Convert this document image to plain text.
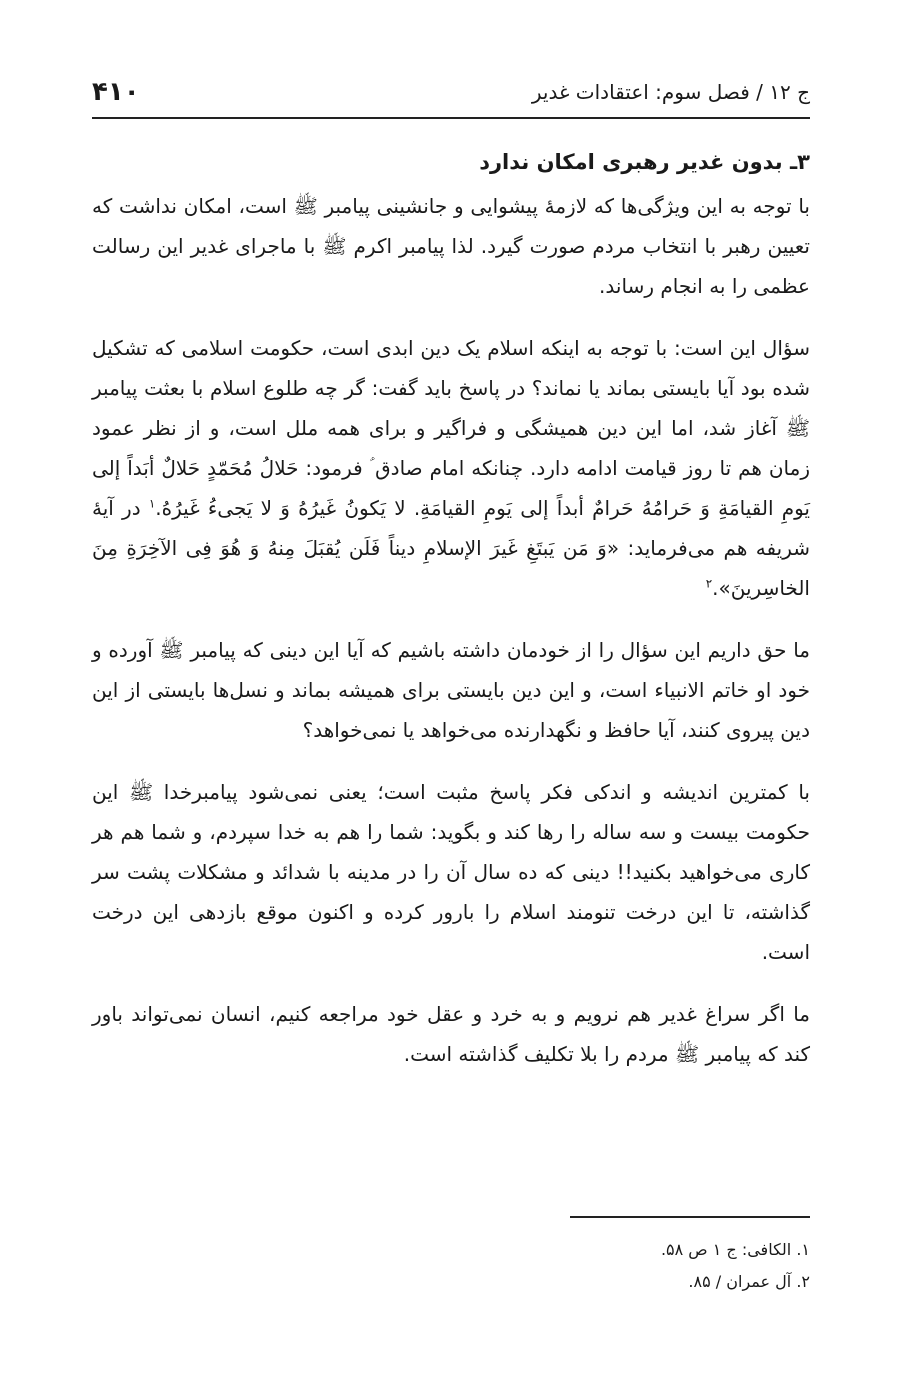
ج ۱۲ / فصل سوم: اعتقادات غدیر
۴۱۰
۳ـ بدون غدیر رهبری امکان ندارد

با توجه به این ویژگی‌ها که لازمهٔ پیشوایی و جانشینی پیامبر ﷺ است، امکان نداشت که تعیین رهبر با انتخاب مردم صورت گیرد. لذا پیامبر اکرم ﷺ با ماجرای غدیر این رسالت عظمی را به انجام رساند.

سؤال این است: با توجه به اینکه اسلام یک دین ابدی است، حکومت اسلامی که تشکیل شده بود آیا بایستی بماند یا نماند؟ در پاسخ باید گفت: گر چه طلوع اسلام با بعثت پیامبر ﷺ آغاز شد، اما این دین همیشگی و فراگیر و برای همه ملل است، و از نظر عمود زمان هم تا روز قیامت ادامه دارد. چنانکه امام صادق ؑ فرمود: حَلالُ مُحَمّدٍ حَلالٌ أبَداً إلی یَومِ القیامَةِ وَ حَرامُهُ حَرامٌ أبداً إلی یَومِ القیامَةِ. لا یَکونُ غَیرُهُ وَ لا یَجیءُ غَیرُهُ.$^۱$ در آیهٔ شریفه هم می‌فرماید: «وَ مَن یَبتَغِ غَیرَ الإسلامِ دیناً فَلَن یُقبَلَ مِنهُ وَ هُوَ فِی الآخِرَةِ مِنَ الخاسِرینَ».$^۲$

ما حق داریم این سؤال را از خودمان داشته باشیم که آیا این دینی که پیامبر ﷺ آورده و خود او خاتم الانبیاء است، و این دین بایستی برای همیشه بماند و نسل‌ها بایستی از این دین پیروی کنند، آیا حافظ و نگهدارنده می‌خواهد یا نمی‌خواهد؟

با کمترین اندیشه و اندکی فکر پاسخ مثبت است؛ یعنی نمی‌شود پیامبرخدا ﷺ این حکومت بیست و سه ساله را رها کند و بگوید: شما را هم به خدا سپردم، و شما هم هر کاری می‌خواهید بکنید!! دینی که ده سال آن را در مدینه با شدائد و مشکلات پشت سر گذاشته، تا این درخت تنومند اسلام را بارور کرده و اکنون موقع بازدهی این درخت است.

ما اگر سراغ غدیر هم نرویم و به خرد و عقل خود مراجعه کنیم، انسان نمی‌تواند باور کند که پیامبر ﷺ مردم را بلا تکلیف گذاشته است.

۱. الکافی: ج ۱ ص ۵۸.
۲. آل عمران / ۸۵.
